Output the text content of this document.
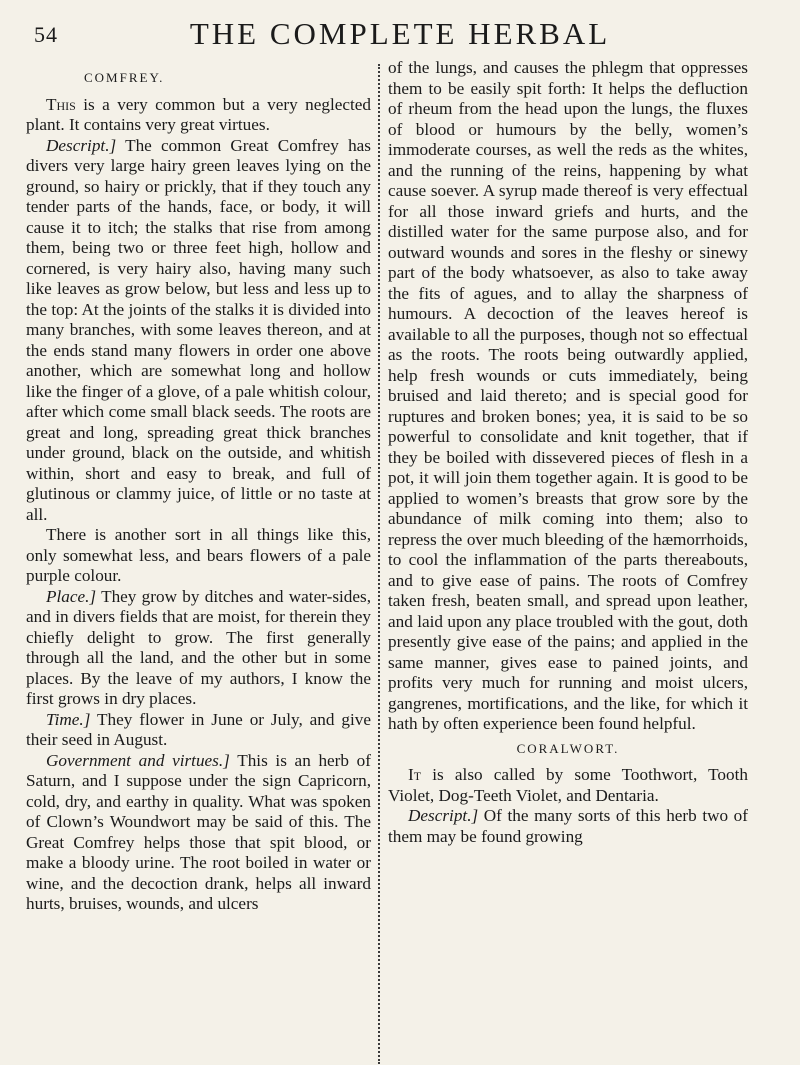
54	THE COMPLETE HERBAL
COMFREY.

This is a very common but a very neglected plant. It contains very great virtues.

Descript.] The common Great Comfrey has divers very large hairy green leaves lying on the ground, so hairy or prickly, that if they touch any tender parts of the hands, face, or body, it will cause it to itch; the stalks that rise from among them, being two or three feet high, hollow and cornered, is very hairy also, having many such like leaves as grow below, but less and less up to the top: At the joints of the stalks it is divided into many branches, with some leaves thereon, and at the ends stand many flowers in order one above another, which are somewhat long and hollow like the finger of a glove, of a pale whitish colour, after which come small black seeds. The roots are great and long, spreading great thick branches under ground, black on the outside, and whitish within, short and easy to break, and full of glutinous or clammy juice, of little or no taste at all.

There is another sort in all things like this, only somewhat less, and bears flowers of a pale purple colour.

Place.] They grow by ditches and water-sides, and in divers fields that are moist, for therein they chiefly delight to grow. The first generally through all the land, and the other but in some places. By the leave of my authors, I know the first grows in dry places.

Time.] They flower in June or July, and give their seed in August.

Government and virtues.] This is an herb of Saturn, and I suppose under the sign Capricorn, cold, dry, and earthy in quality. What was spoken of Clown’s Woundwort may be said of this. The Great Comfrey helps those that spit blood, or make a bloody urine. The root boiled in water or wine, and the decoction drank, helps all inward hurts, bruises, wounds, and ulcers

of the lungs, and causes the phlegm that oppresses them to be easily spit forth: It helps the defluction of rheum from the head upon the lungs, the fluxes of blood or humours by the belly, women’s immoderate courses, as well the reds as the whites, and the running of the reins, happening by what cause soever. A syrup made thereof is very effectual for all those inward griefs and hurts, and the distilled water for the same purpose also, and for outward wounds and sores in the fleshy or sinewy part of the body whatsoever, as also to take away the fits of agues, and to allay the sharpness of humours. A decoction of the leaves hereof is available to all the purposes, though not so effectual as the roots. The roots being outwardly applied, help fresh wounds or cuts immediately, being bruised and laid thereto; and is special good for ruptures and broken bones; yea, it is said to be so powerful to consolidate and knit together, that if they be boiled with dissevered pieces of flesh in a pot, it will join them together again. It is good to be applied to women’s breasts that grow sore by the abundance of milk coming into them; also to repress the over much bleeding of the hæmorrhoids, to cool the inflammation of the parts thereabouts, and to give ease of pains. The roots of Comfrey taken fresh, beaten small, and spread upon leather, and laid upon any place troubled with the gout, doth presently give ease of the pains; and applied in the same manner, gives ease to pained joints, and profits very much for running and moist ulcers, gangrenes, mortifications, and the like, for which it hath by often experience been found helpful.

CORALWORT.

It is also called by some Toothwort, Tooth Violet, Dog-Teeth Violet, and Dentaria.

Descript.] Of the many sorts of this herb two of them may be found growing
